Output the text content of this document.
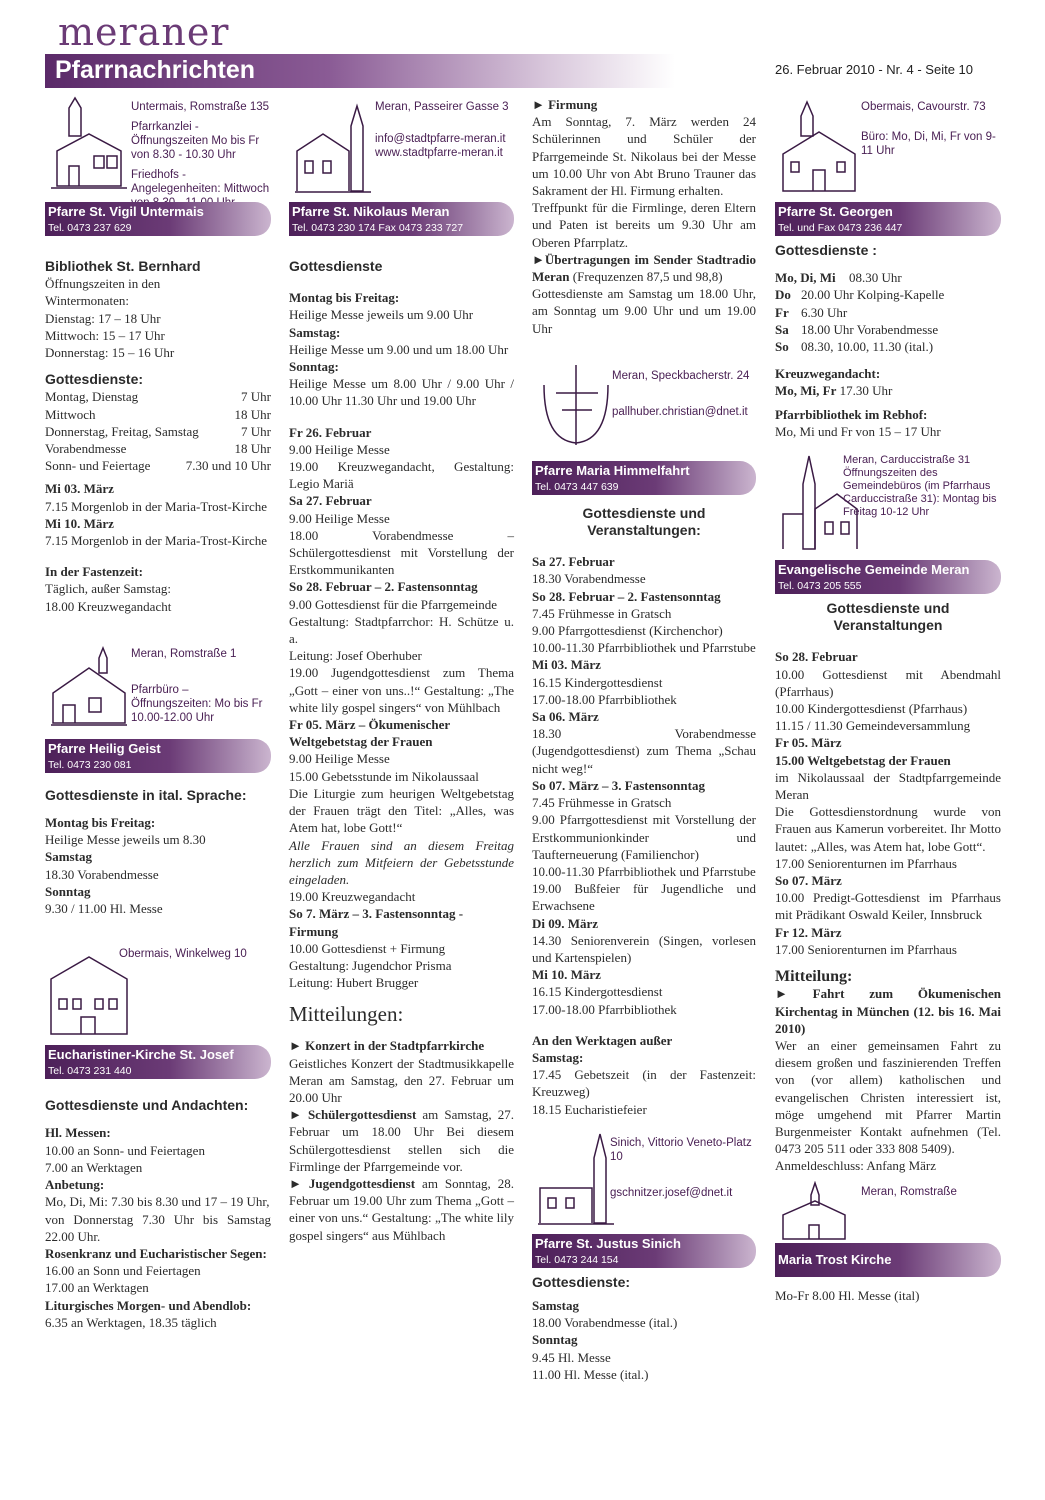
meraner
Pfarrnachrichten	26. Februar 2010 - Nr. 4 - Seite 10

Untermais, Romstraße 135

Pfarrkanzlei - Öffnungszeiten Mo bis Fr von 8.30 - 10.30 Uhr

Friedhofs - Angelegenheiten: Mittwoch

Pfarre St. Vigil Untermais
Tel. 0473 237 629

Bibliothek St. Bernhard

Öffnungszeiten in den

Wintermonaten:

Dienstag: 17 – 18 Uhr

Mittwoch: 15 – 17 Uhr

Donnerstag: 15 – 16 Uhr

Gottesdienste:

Montag, Dienstag	7 Uhr
Mittwoch	18 Uhr
Donnerstag, Freitag, Samstag	7 Uhr
Vorabendmesse	18 Uhr
Sonn- und Feiertage	7.30 und 10 Uhr

Mi 03. März

7.15 Morgenlob in der Maria-Trost-Kirche

Mi 10. März

7.15 Morgenlob in der Maria-Trost-Kirche

In der Fastenzeit:

Täglich, außer Samstag:

18.00 Kreuzwegandacht

Meran, Romstraße 1

Pfarrbüro – Öffnungszeiten: Mo bis Fr 10.00-12.00 Uhr

Pfarre Heilig Geist
Tel. 0473 230 081

Gottesdienste in ital. Sprache:

Montag bis Freitag:

Heilige Messe jeweils um 8.30

Samstag

18.30 Vorabendmesse

Sonntag

9.30 / 11.00 Hl. Messe

Obermais, Winkelweg 10

Eucharistiner-Kirche St. Josef
Tel. 0473 231 440

Gottesdienste und Andachten:

Hl. Messen:

10.00 an Sonn- und Feiertagen

7.00 an Werktagen

Anbetung:

Mo, Di, Mi: 7.30 bis 8.30 und 17 – 19 Uhr,

von Donnerstag 7.30 Uhr bis Samstag 22.00 Uhr.

Rosenkranz und Eucharistischer Segen:

16.00 an Sonn und Feiertagen

17.00 an Werktagen

Liturgisches Morgen- und Abendlob:

6.35 an Werktagen, 18.35 täglich

Meran, Passeirer Gasse 3

info@stadtpfarre-meran.it

www.stadtpfarre-meran.it

Pfarre St. Nikolaus Meran
Tel. 0473 230 174 Fax 0473 233 727

Gottesdienste

Montag bis Freitag:

Heilige Messe jeweils um 9.00 Uhr

Samstag:

Heilige Messe um 9.00 und um 18.00 Uhr

Sonntag:

Heilige Messe um 8.00 Uhr / 9.00 Uhr / 10.00 Uhr 11.30 Uhr und 19.00 Uhr

Fr 26. Februar

9.00 Heilige Messe

19.00 Kreuzwegandacht, Gestaltung: Legio Mariä

Sa 27. Februar

9.00 Heilige Messe

18.00 Vorabendmesse – Schülergottesdienst mit Vorstellung der Erstkommunikanten

So 28. Februar – 2. Fastensonntag

9.00 Gottesdienst für die Pfarrgemeinde

Gestaltung: Stadtpfarrchor: H. Schütze u. a.

Leitung: Josef Oberhuber

19.00 Jugendgottesdienst zum Thema „Gott – einer von uns..!“ Gestaltung: „The white lily gospel singers“ von Mühlbach

Fr 05. März – Ökumenischer Weltgebetstag der Frauen

9.00 Heilige Messe

15.00 Gebetsstunde im Nikolaussaal

Die Liturgie zum heurigen Weltgebetstag der Frauen trägt den Titel: „Alles, was Atem hat, lobe Gott!“

Alle Frauen sind an diesem Freitag herzlich zum Mitfeiern der Gebetsstunde eingeladen.

19.00 Kreuzwegandacht

So 7. März – 3. Fastensonntag - Firmung

10.00 Gottesdienst + Firmung

Gestaltung: Jugendchor Prisma

Leitung: Hubert Brugger

Mitteilungen:

► Konzert in der Stadtpfarrkirche

Geistliches Konzert der Stadtmusikkapelle Meran am Samstag, den 27. Februar um 20.00 Uhr

► Schülergottesdienst am Samstag, 27. Februar um 18.00 Uhr Bei diesem Schülergottesdienst stellen sich die Firmlinge der Pfarrgemeinde vor.

► Jugendgottesdienst am Sonntag, 28. Februar um 19.00 Uhr zum Thema „Gott – einer von uns.“ Gestaltung: „The white lily gospel singers“ aus Mühlbach

► Firmung

Am Sonntag, 7. März werden 24 Schülerinnen und Schüler der Pfarrgemeinde St. Nikolaus bei der Messe um 10.00 Uhr von Abt Bruno Trauner das Sakrament der Hl. Firmung erhalten.

Treffpunkt für die Firmlinge, deren Eltern und Paten ist bereits um 9.30 Uhr am Oberen Pfarrplatz.

►Übertragungen im Sender Stadtradio Meran (Frequzenzen 87,5 und 98,8)

Gottesdienste am Samstag um 18.00 Uhr, am Sonntag um 9.00 Uhr und um 19.00 Uhr

Meran, Speckbacherstr. 24

pallhuber.christian@dnet.it

Pfarre Maria Himmelfahrt
Tel. 0473 447 639

Gottesdienste und Veranstaltungen:

Sa 27. Februar

18.30 Vorabendmesse

So 28. Februar – 2. Fastensonntag

7.45 Frühmesse in Gratsch

9.00 Pfarrgottesdienst (Kirchenchor)

10.00-11.30 Pfarrbibliothek und Pfarrstube

Mi 03. März

16.15 Kindergottesdienst

17.00-18.00 Pfarrbibliothek

Sa 06. März

18.30 Vorabendmesse (Jugendgottesdienst) zum Thema „Schau nicht weg!“

So 07. März – 3. Fastensonntag

7.45 Frühmesse in Gratsch

9.00 Pfarrgottesdienst mit Vorstellung der Erstkommunionkinder und Taufterneuerung (Familienchor)

10.00-11.30 Pfarrbibliothek und Pfarrstube

19.00 Bußfeier für Jugendliche und Erwachsene

Di 09. März

14.30 Seniorenverein (Singen, vorlesen und Kartenspielen)

Mi 10. März

16.15 Kindergottesdienst

17.00-18.00 Pfarrbibliothek

An den Werktagen außer Samstag:

17.45 Gebetszeit (in der Fastenzeit: Kreuzweg)

18.15 Eucharistiefeier

Sinich, Vittorio Veneto-Platz 10

gschnitzer.josef@dnet.it

Pfarre St. Justus Sinich
Tel. 0473 244 154

Gottesdienste:

Samstag

18.00 Vorabendmesse (ital.)

Sonntag

9.45 Hl. Messe

11.00 Hl. Messe (ital.)

Obermais, Cavourstr. 73

Büro: Mo, Di, Mi, Fr von 9-11 Uhr

Pfarre St. Georgen
Tel. und Fax 0473 236 447

Gottesdienste :

Mo, Di, Mi 08.30 Uhr

Do 20.00 Uhr Kolping-Kapelle

Fr 6.30 Uhr

Sa 18.00 Uhr Vorabendmesse

So 08.30, 10.00, 11.30 (ital.)

Kreuzwegandacht:

Mo, Mi, Fr 17.30 Uhr

Pfarrbibliothek im Rebhof:

Mo, Mi und Fr von 15 – 17 Uhr

Meran, Carduccistraße 31

Öffnungszeiten des Gemeindebüros (im Pfarrhaus Carduccistraße 31): Montag bis Freitag 10-12 Uhr

Evangelische Gemeinde Meran
Tel. 0473 205 555

Gottesdienste und Veranstaltungen

So 28. Februar

10.00 Gottesdienst mit Abendmahl (Pfarrhaus)

10.00 Kindergottesdienst (Pfarrhaus)

11.15 / 11.30 Gemeindeversammlung

Fr 05. März

15.00 Weltgebetstag der Frauen

im Nikolaussaal der Stadtpfarrgemeinde Meran

Die Gottesdienstordnung wurde von Frauen aus Kamerun vorbereitet. Ihr Motto lautet: „Alles, was Atem hat, lobe Gott“.

17.00 Seniorenturnen im Pfarrhaus

So 07. März

10.00 Predigt-Gottesdienst im Pfarrhaus mit Prädikant Oswald Keiler, Innsbruck

Fr 12. März

17.00 Seniorenturnen im Pfarrhaus

Mitteilung:

► Fahrt zum Ökumenischen Kirchentag in München (12. bis 16. Mai 2010)

Wer an einer gemeinsamen Fahrt zu diesem großen und faszinierenden Treffen von (vor allem) katholischen und evangelischen Christen interessiert ist, möge umgehend mit Pfarrer Martin Burgenmeister Kontakt aufnehmen (Tel. 0473 205 511 oder 333 808 5409).

Anmeldeschluss: Anfang März

Meran, Romstraße

Maria Trost Kirche

Mo-Fr 8.00 Hl. Messe (ital)
